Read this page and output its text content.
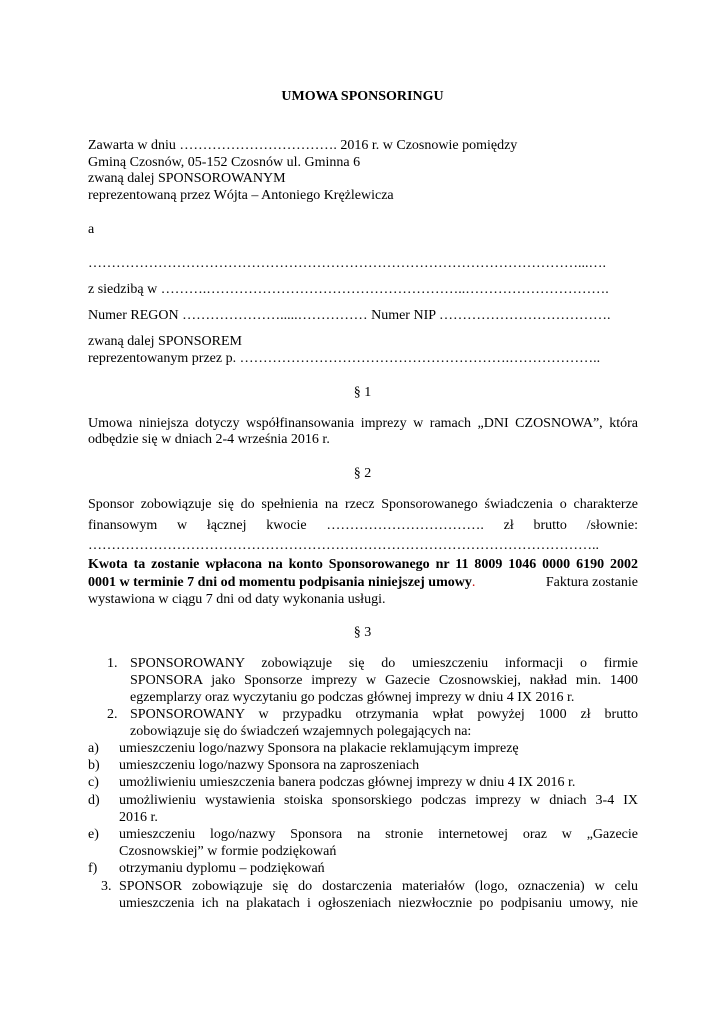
UMOWA SPONSORINGU
Zawarta w dniu ……………………………. 2016 r. w Czosnowie pomiędzy
Gminą Czosnów, 05-152 Czosnów ul. Gminna 6
zwaną dalej SPONSOROWANYM
reprezentowaną przez Wójta – Antoniego Krężlewicza
a
……………………………………………………………………………………………...….
z siedzibą w ……….………………………………………………..………………………….
Numer REGON ………………….....…………… Numer NIP ……………………………….
zwaną dalej SPONSOREM
reprezentowanym przez p. ………………………………………………….………………..
§ 1
Umowa niniejsza dotyczy współfinansowania imprezy w ramach „DNI CZOSNOWA”, która
odbędzie się w dniach 2-4 września 2016 r.
§ 2
Sponsor zobowiązuje się do spełnienia na rzecz Sponsorowanego świadczenia o charakterze
finansowym w łącznej kwocie ……………………………. zł brutto /słownie:
………………………………………………………………………………………………..
Kwota ta zostanie wpłacona na konto Sponsorowanego nr 11 8009 1046 0000 6190 2002
0001 w terminie 7 dni od momentu podpisania niniejszej umowy.	Faktura zostanie
wystawiona w ciągu 7 dni od daty wykonania usługi.
§ 3
1. SPONSOROWANY zobowiązuje się do umieszczeniu informacji o firmie
SPONSORA jako Sponsorze imprezy w Gazecie Czosnowskiej, nakład min. 1400
egzemplarzy oraz wyczytaniu go podczas głównej imprezy w dniu 4 IX 2016 r.
2. SPONSOROWANY w przypadku otrzymania wpłat powyżej 1000 zł brutto
zobowiązuje się do świadczeń wzajemnych polegających na:
a) umieszczeniu logo/nazwy Sponsora na plakacie reklamującym imprezę
b) umieszczeniu logo/nazwy Sponsora na zaproszeniach
c) umożliwieniu umieszczenia banera podczas głównej imprezy w dniu 4 IX 2016 r.
d) umożliwieniu wystawienia stoiska sponsorskiego podczas imprezy w dniach 3-4 IX
2016 r.
e) umieszczeniu logo/nazwy Sponsora na stronie internetowej oraz w „Gazecie
Czosnowskiej” w formie podziękowań
f) otrzymaniu dyplomu – podziękowań
3. SPONSOR zobowiązuje się do dostarczenia materiałów (logo, oznaczenia) w celu
umieszczenia ich na plakatach i ogłoszeniach niezwłocznie po podpisaniu umowy, nie
